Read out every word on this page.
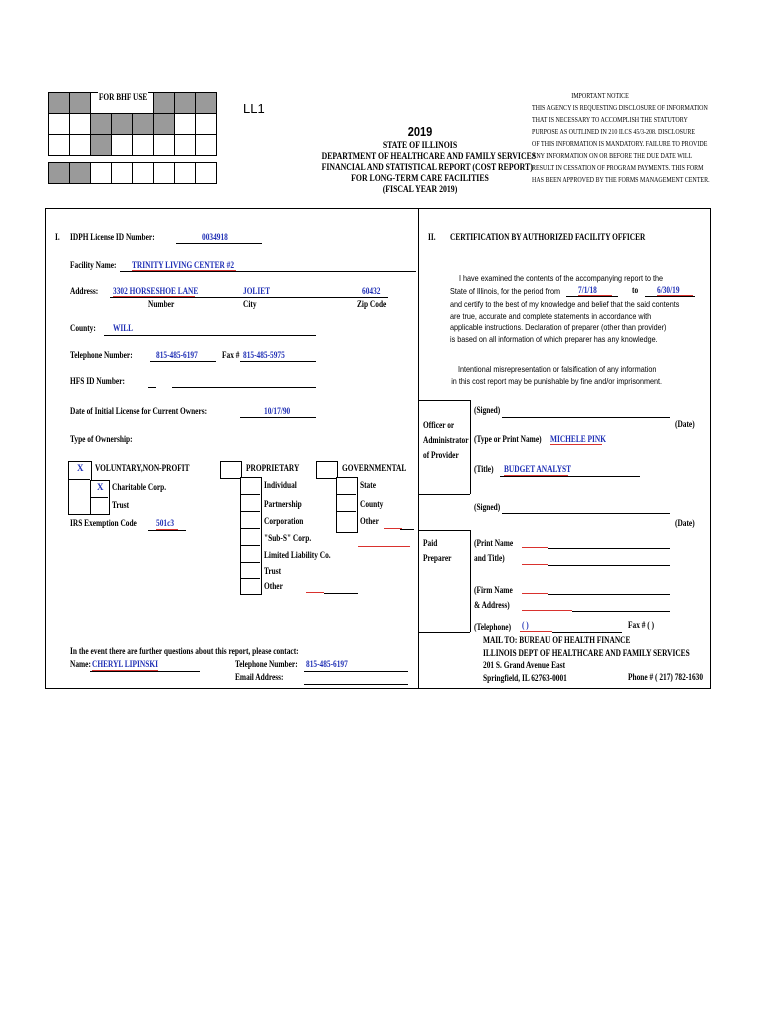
FOR BHF USE
LL1
2019
STATE OF ILLINOIS
DEPARTMENT OF HEALTHCARE AND FAMILY SERVICES
FINANCIAL AND STATISTICAL REPORT (COST REPORT)
FOR LONG-TERM CARE FACILITIES
(FISCAL YEAR 2019)
IMPORTANT NOTICE
THIS AGENCY IS REQUESTING DISCLOSURE OF INFORMATION
THAT IS NECESSARY TO ACCOMPLISH THE STATUTORY
PURPOSE AS OUTLINED IN 210 ILCS 45/3-208. DISCLOSURE
OF THIS INFORMATION IS MANDATORY. FAILURE TO PROVIDE
ANY INFORMATION ON OR BEFORE THE DUE DATE WILL
RESULT IN CESSATION OF PROGRAM PAYMENTS. THIS FORM
HAS BEEN APPROVED BY THE FORMS MANAGEMENT CENTER.
I. IDPH License ID Number:	0034918
Facility Name: TRINITY LIVING CENTER #2
Address: 3302 HORSESHOE LANE	JOLIET	60432
Number	City	Zip Code
County: WILL
Telephone Number:	815-485-6197	Fax # 815-485-5975
HFS ID Number:
Date of Initial License for Current Owners:	10/17/90
Type of Ownership:
X VOLUNTARY,NON-PROFIT
X Charitable Corp.
Trust
IRS Exemption Code 501c3
PROPRIETARY
Individual
Partnership
Corporation
"Sub-S" Corp.
Limited Liability Co.
Trust
Other
GOVERNMENTAL
State
County
Other
In the event there are further questions about this report, please contact:
Name: CHERYL LIPINSKI	Telephone Number: 815-485-6197
Email Address:
II. CERTIFICATION BY AUTHORIZED FACILITY OFFICER
I have examined the contents of the accompanying report to the
State of Illinois, for the period from 7/1/18	to 6/30/19
and certify to the best of my knowledge and belief that the said contents
are true, accurate and complete statements in accordance with
applicable instructions. Declaration of preparer (other than provider)
is based on all information of which preparer has any knowledge.
Intentional misrepresentation or falsification of any information
in this cost report may be punishable by fine and/or imprisonment.
Officer or
Administrator
of Provider
(Signed)
(Date)
(Type or Print Name) MICHELE PINK
(Title) BUDGET ANALYST
Paid
Preparer
(Signed)
(Date)
(Print Name
and Title)
(Firm Name
& Address)
(Telephone) ( )	Fax # ( )
MAIL TO: BUREAU OF HEALTH FINANCE
ILLINOIS DEPT OF HEALTHCARE AND FAMILY SERVICES
201 S. Grand Avenue East
Springfield, IL 62763-0001	Phone # ( 217) 782-1630
